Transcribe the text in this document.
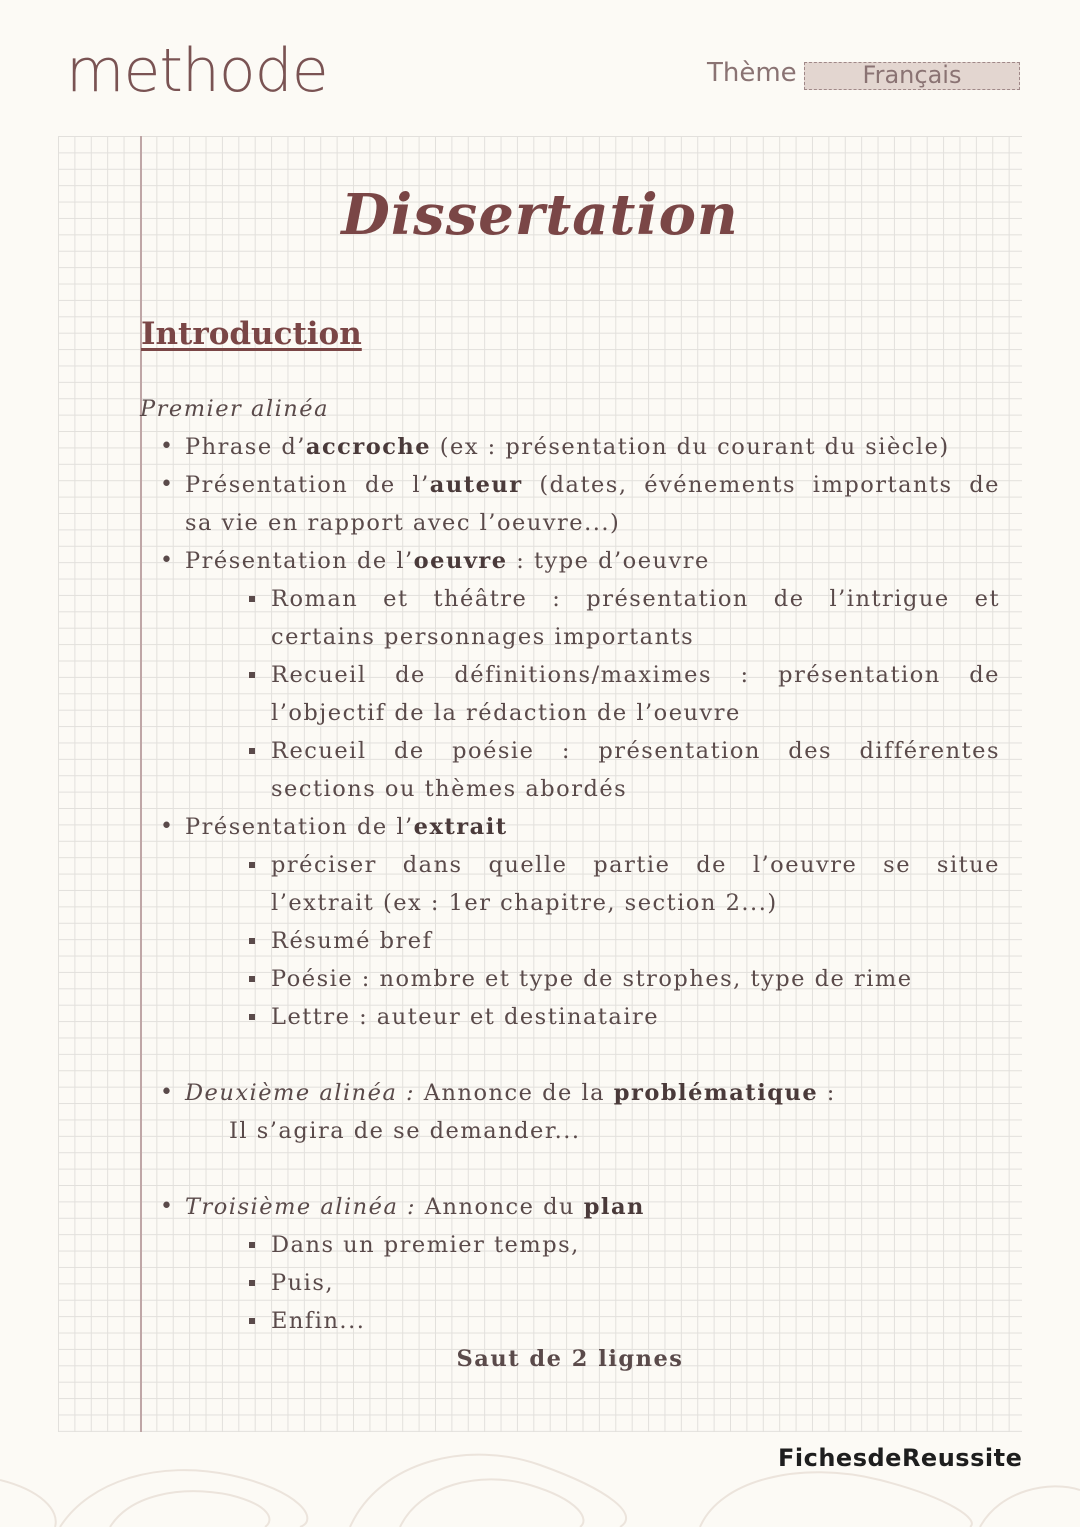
methode	Thème	Français
Dissertation
Introduction
Premier alinéa
• Phrase d’accroche (ex : présentation du courant du siècle)
• Présentation de l’auteur (dates, événements importants de
sa vie en rapport avec l’oeuvre...)
• Présentation de l’oeuvre : type d’oeuvre
Roman et théâtre : présentation de l’intrigue et
certains personnages importants
Recueil de définitions/maximes : présentation de
l’objectif de la rédaction de l’oeuvre
Recueil de poésie : présentation des différentes
sections ou thèmes abordés
• Présentation de l’extrait
préciser dans quelle partie de l’oeuvre se situe
l’extrait (ex : 1er chapitre, section 2...)
Résumé bref
Poésie : nombre et type de strophes, type de rime
Lettre : auteur et destinataire
• Deuxième alinéa : Annonce de la problématique :
Il s’agira de se demander...
• Troisième alinéa : Annonce du plan
Dans un premier temps,
Puis,
Enfin...
Saut de 2 lignes
FichesdeReussite
